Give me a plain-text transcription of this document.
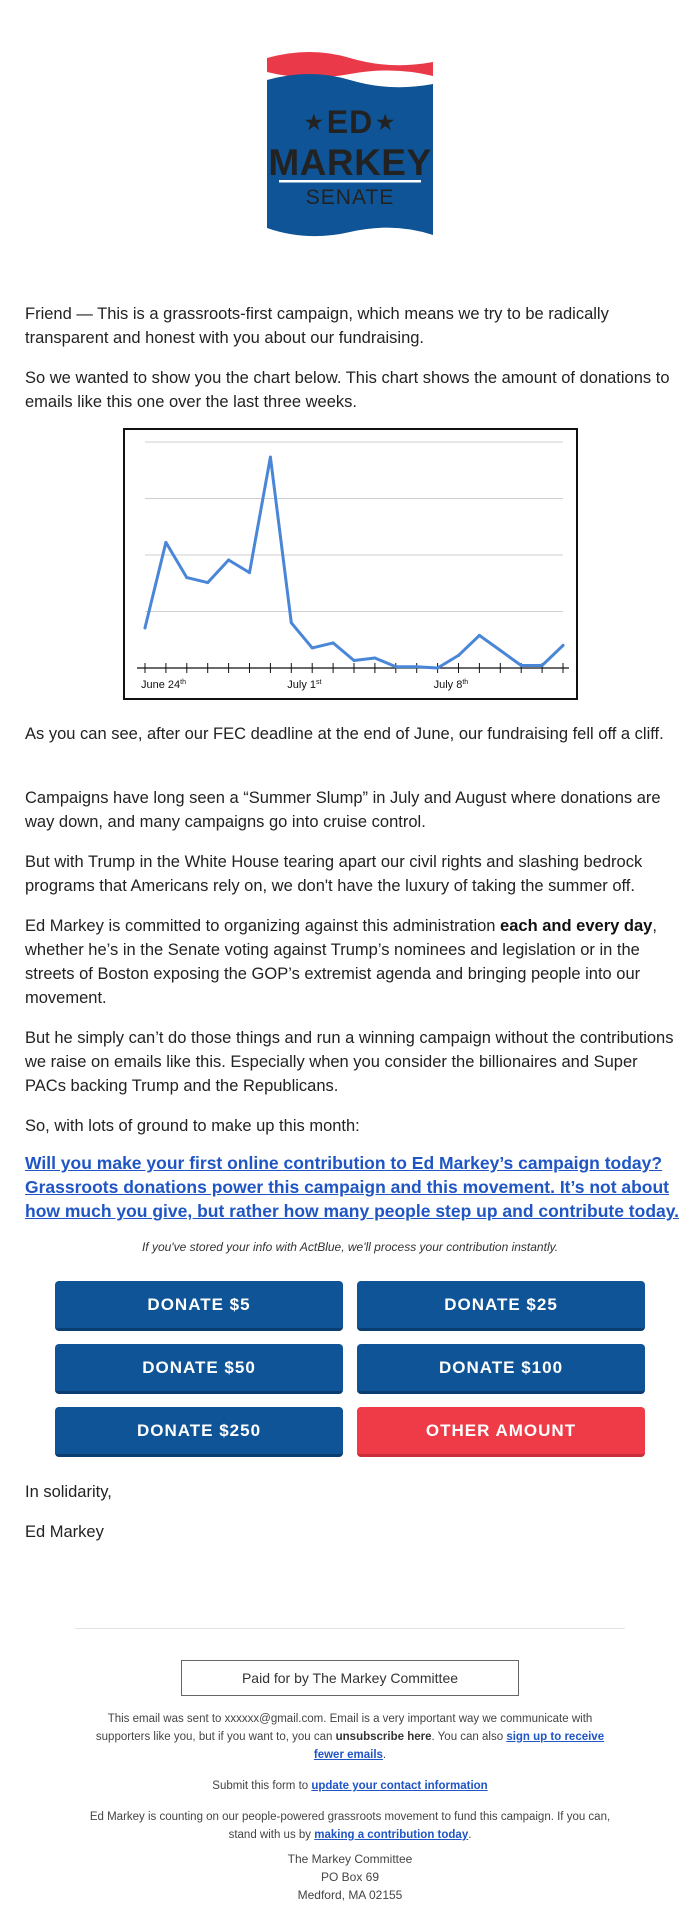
★ED ★
MARKEY
SENATE

Friend — This is a grassroots-first campaign, which means we try to be radically transparent and honest with you about our fundraising.

So we wanted to show you the chart below. This chart shows the amount of donations to emails like this one over the last three weeks.

June 24th	July 1st	July 8th

As you can see, after our FEC deadline at the end of June, our fundraising fell off a cliff.

Campaigns have long seen a “Summer Slump” in July and August where donations are way down, and many campaigns go into cruise control.

But with Trump in the White House tearing apart our civil rights and slashing bedrock programs that Americans rely on, we don't have the luxury of taking the summer off.

Ed Markey is committed to organizing against this administration each and every day, whether he’s in the Senate voting against Trump’s nominees and legislation or in the streets of Boston exposing the GOP’s extremist agenda and bringing people into our movement.

But he simply can’t do those things and run a winning campaign without the contributions we raise on emails like this. Especially when you consider the billionaires and Super PACs backing Trump and the Republicans.

So, with lots of ground to make up this month:

Will you make your first online contribution to Ed Markey’s campaign today? Grassroots donations power this campaign and this movement. It’s not about how much you give, but rather how many people step up and contribute today.
If you've stored your info with ActBlue, we'll process your contribution instantly.
DONATE $5	DONATE $25
DONATE $50	DONATE $100
DONATE $250	OTHER AMOUNT
In solidarity,
Ed Markey
Paid for by The Markey Committee

This email was sent to xxxxxx@gmail.com. Email is a very important way we communicate with supporters like you, but if you want to, you can unsubscribe here. You can also sign up to receive fewer emails.

Submit this form to update your contact information

Ed Markey is counting on our people-powered grassroots movement to fund this campaign. If you can, stand with us by making a contribution today.

The Markey Committee
PO Box 69
Medford, MA 02155
